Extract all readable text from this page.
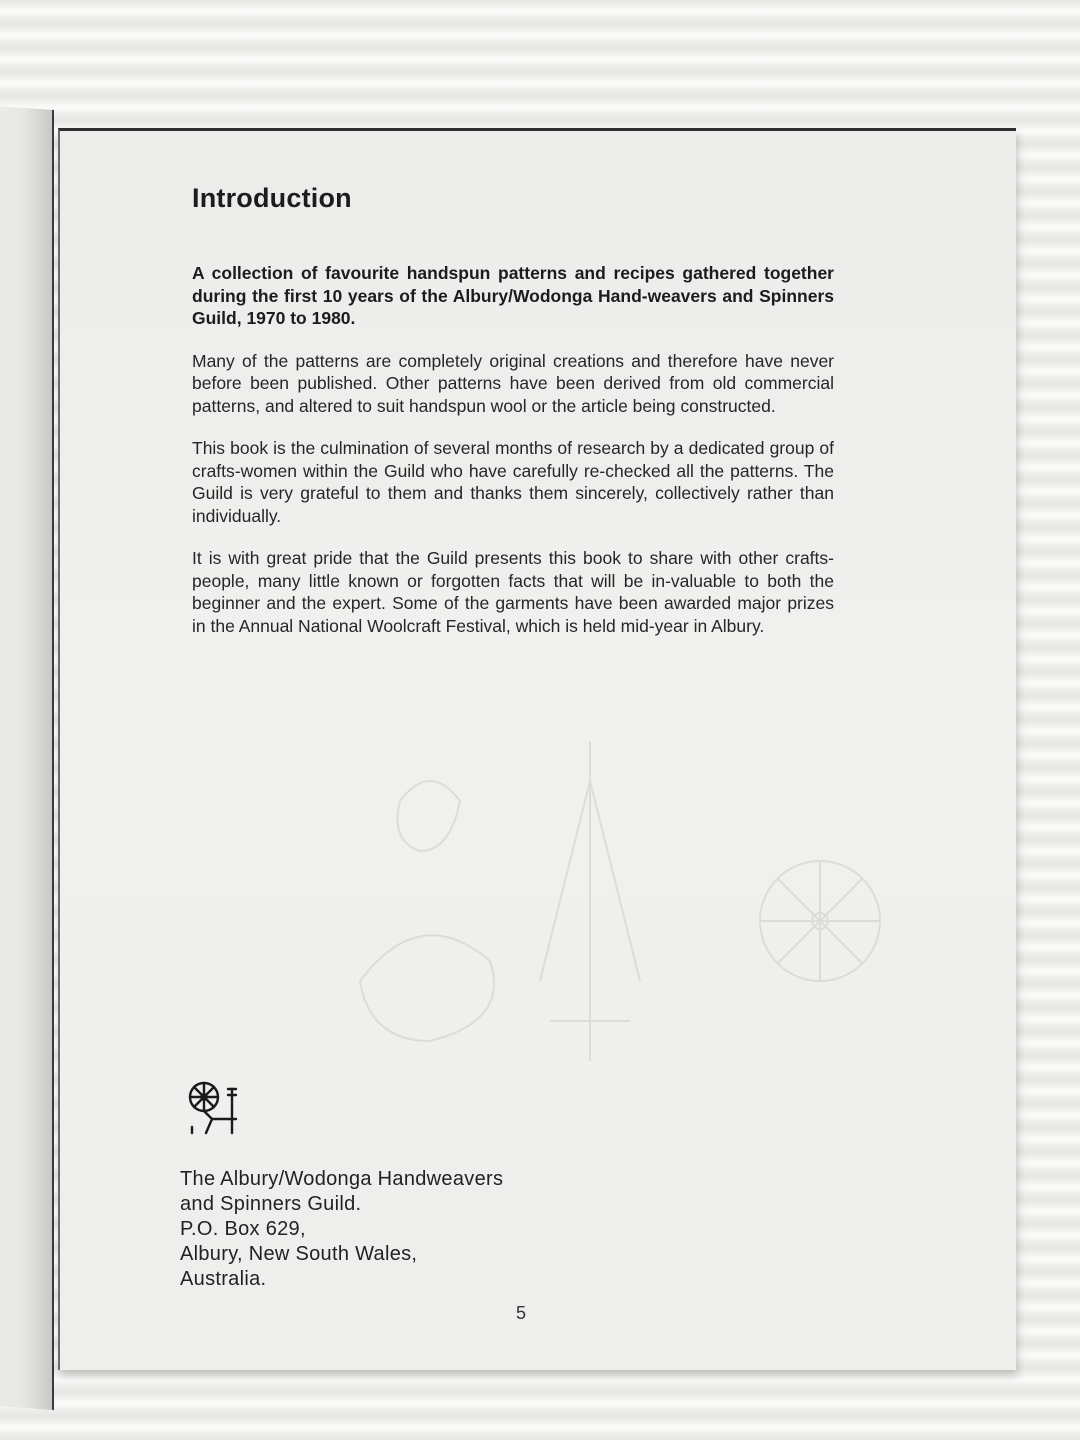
Introduction

A collection of favourite handspun patterns and recipes gathered together during the first 10 years of the Albury/Wodonga Hand-weavers and Spinners Guild, 1970 to 1980.

Many of the patterns are completely original creations and therefore have never before been published. Other patterns have been derived from old commercial patterns, and altered to suit handspun wool or the article being constructed.

This book is the culmination of several months of research by a dedicated group of crafts-women within the Guild who have carefully re-checked all the patterns. The Guild is very grateful to them and thanks them sincerely, collectively rather than individually.

It is with great pride that the Guild presents this book to share with other crafts-people, many little known or forgotten facts that will be in-valuable to both the beginner and the expert. Some of the garments have been awarded major prizes in the Annual National Woolcraft Festival, which is held mid-year in Albury.

The Albury/Wodonga Handweavers
and Spinners Guild.
P.O. Box 629,
Albury, New South Wales,
Australia.
5
